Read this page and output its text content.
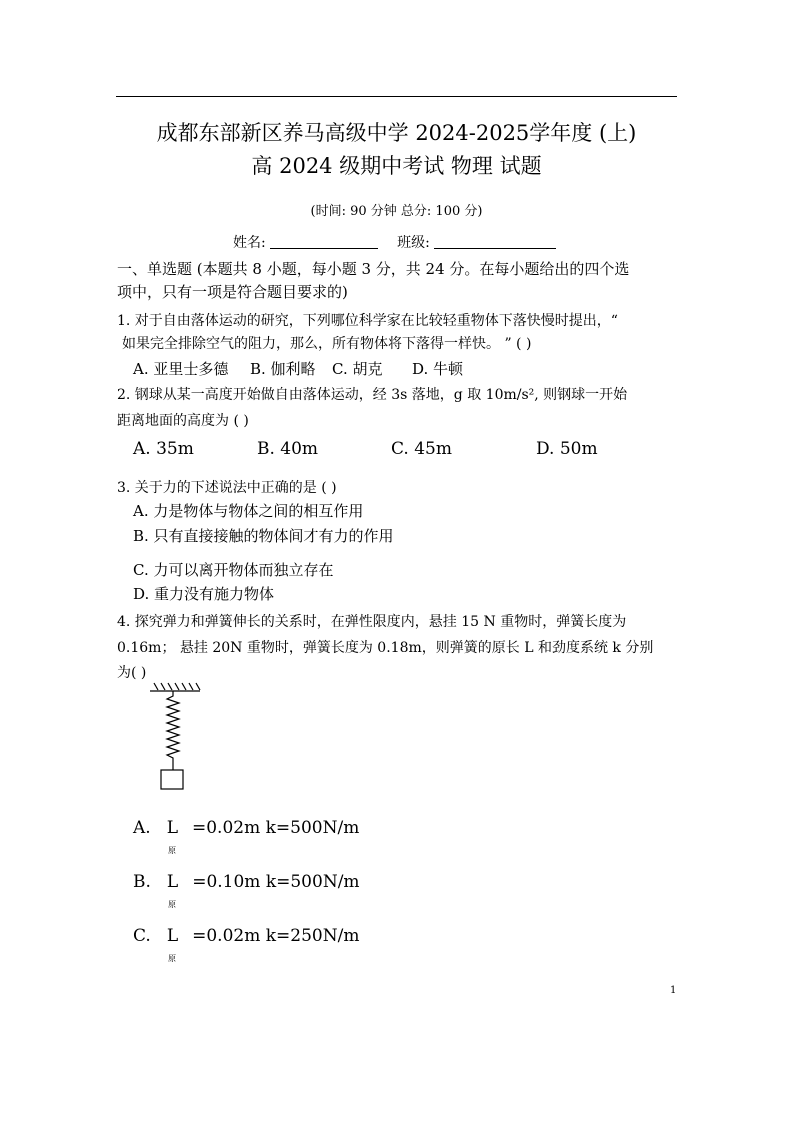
成都东部新区养马高级中学 2024-2025学年度 (上)
高 2024 级期中考试 物理 试题
(时间: 90 分钟 总分: 100 分)
姓名:	班级:
一、单选题 (本题共 8 小题，每小题 3 分，共 24 分。在每小题给出的四个选
项中，只有一项是符合题目要求的)
1. 对于自由落体运动的研究，下列哪位科学家在比较轻重物体下落快慢时提出，“
如果完全排除空气的阻力，那么，所有物体将下落得一样快。 ” ( )
A. 亚里士多德 B. 伽利略 C. 胡克 D. 牛顿
2. 钢球从某一高度开始做自由落体运动，经 3s 落地，g 取 10m/s², 则钢球一开始
距离地面的高度为 ( )
A. 35m	B. 40m	C. 45m	D. 50m
3. 关于力的下述说法中正确的是 ( )
A. 力是物体与物体之间的相互作用
B. 只有直接接触的物体间才有力的作用
C. 力可以离开物体而独立存在
D. 重力没有施力物体
4. 探究弹力和弹簧伸长的关系时，在弹性限度内，悬挂 15 N 重物时，弹簧长度为
0.16m； 悬挂 20N 重物时，弹簧长度为 0.18m，则弹簧的原长 L 和劲度系统 k 分别
为( )
A. L =0.02m k=500N/m
原
B. L =0.10m k=500N/m
原
C. L =0.02m k=250N/m
原
1
